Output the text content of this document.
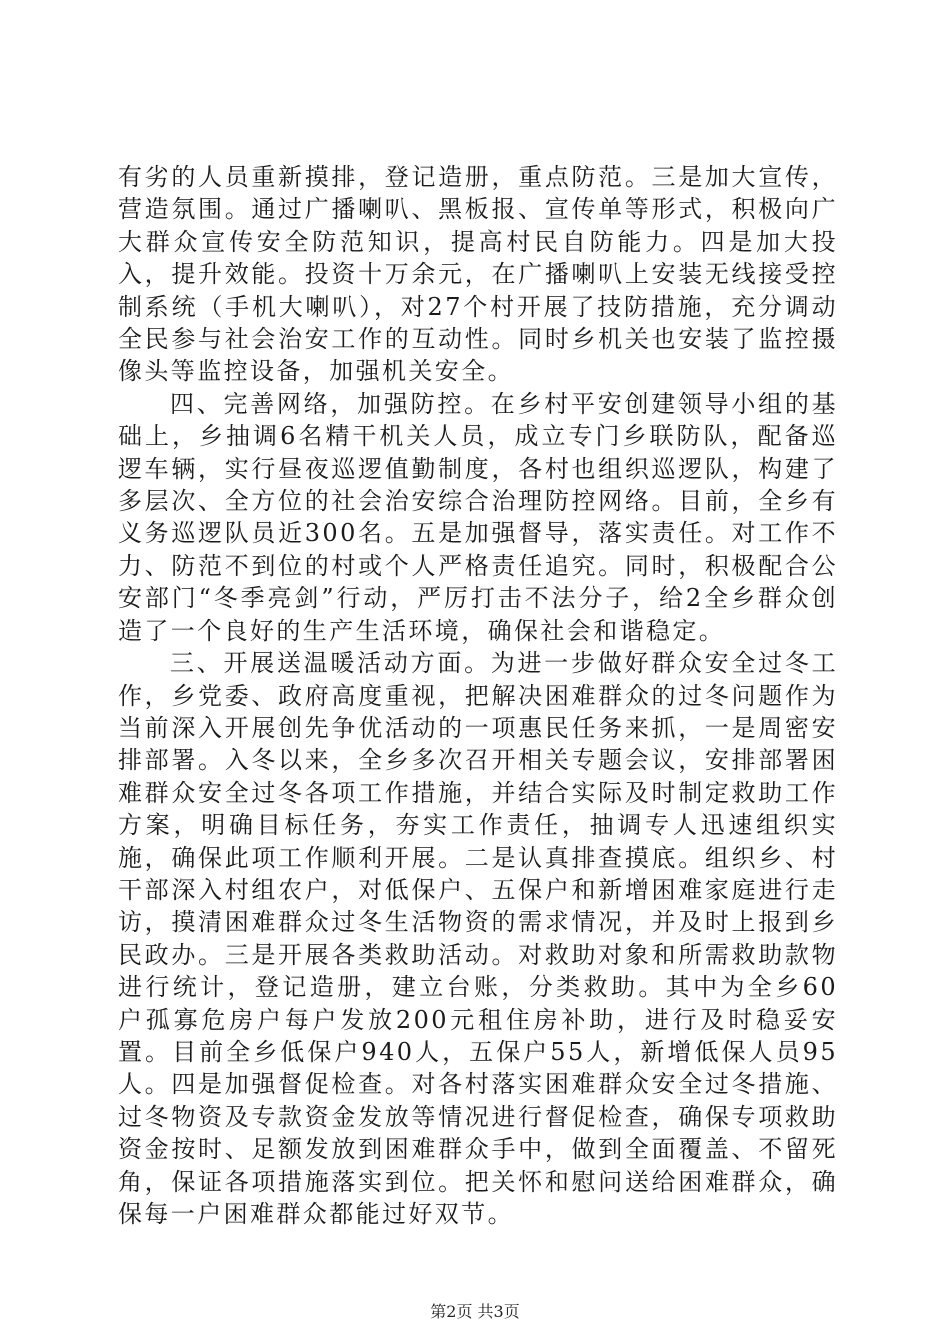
有劣的人员重新摸排，登记造册，重点防范。三是加大宣传，营造氛围。通过广播喇叭、黑板报、宣传单等形式，积极向广大群众宣传安全防范知识，提高村民自防能力。四是加大投入，提升效能。投资十万余元，在广播喇叭上安装无线接受控制系统（手机大喇叭），对27个村开展了技防措施，充分调动全民参与社会治安工作的互动性。同时乡机关也安装了监控摄像头等监控设备，加强机关安全。

四、完善网络，加强防控。在乡村平安创建领导小组的基础上，乡抽调6名精干机关人员，成立专门乡联防队，配备巡逻车辆，实行昼夜巡逻值勤制度，各村也组织巡逻队，构建了多层次、全方位的社会治安综合治理防控网络。目前，全乡有义务巡逻队员近300名。五是加强督导，落实责任。对工作不力、防范不到位的村或个人严格责任追究。同时，积极配合公安部门“冬季亮剑”行动，严厉打击不法分子，给2全乡群众创造了一个良好的生产生活环境，确保社会和谐稳定。

三、开展送温暖活动方面。为进一步做好群众安全过冬工作，乡党委、政府高度重视，把解决困难群众的过冬问题作为当前深入开展创先争优活动的一项惠民任务来抓，一是周密安排部署。入冬以来，全乡多次召开相关专题会议，安排部署困难群众安全过冬各项工作措施，并结合实际及时制定救助工作方案，明确目标任务，夯实工作责任，抽调专人迅速组织实施，确保此项工作顺利开展。二是认真排查摸底。组织乡、村干部深入村组农户，对低保户、五保户和新增困难家庭进行走访，摸清困难群众过冬生活物资的需求情况，并及时上报到乡民政办。三是开展各类救助活动。对救助对象和所需救助款物进行统计，登记造册，建立台账，分类救助。其中为全乡60户孤寡危房户每户发放200元租住房补助，进行及时稳妥安置。目前全乡低保户940人，五保户55人，新增低保人员95人。四是加强督促检查。对各村落实困难群众安全过冬措施、过冬物资及专款资金发放等情况进行督促检查，确保专项救助资金按时、足额发放到困难群众手中，做到全面覆盖、不留死角，保证各项措施落实到位。把关怀和慰问送给困难群众，确保每一户困难群众都能过好双节。

第2页 共3页
